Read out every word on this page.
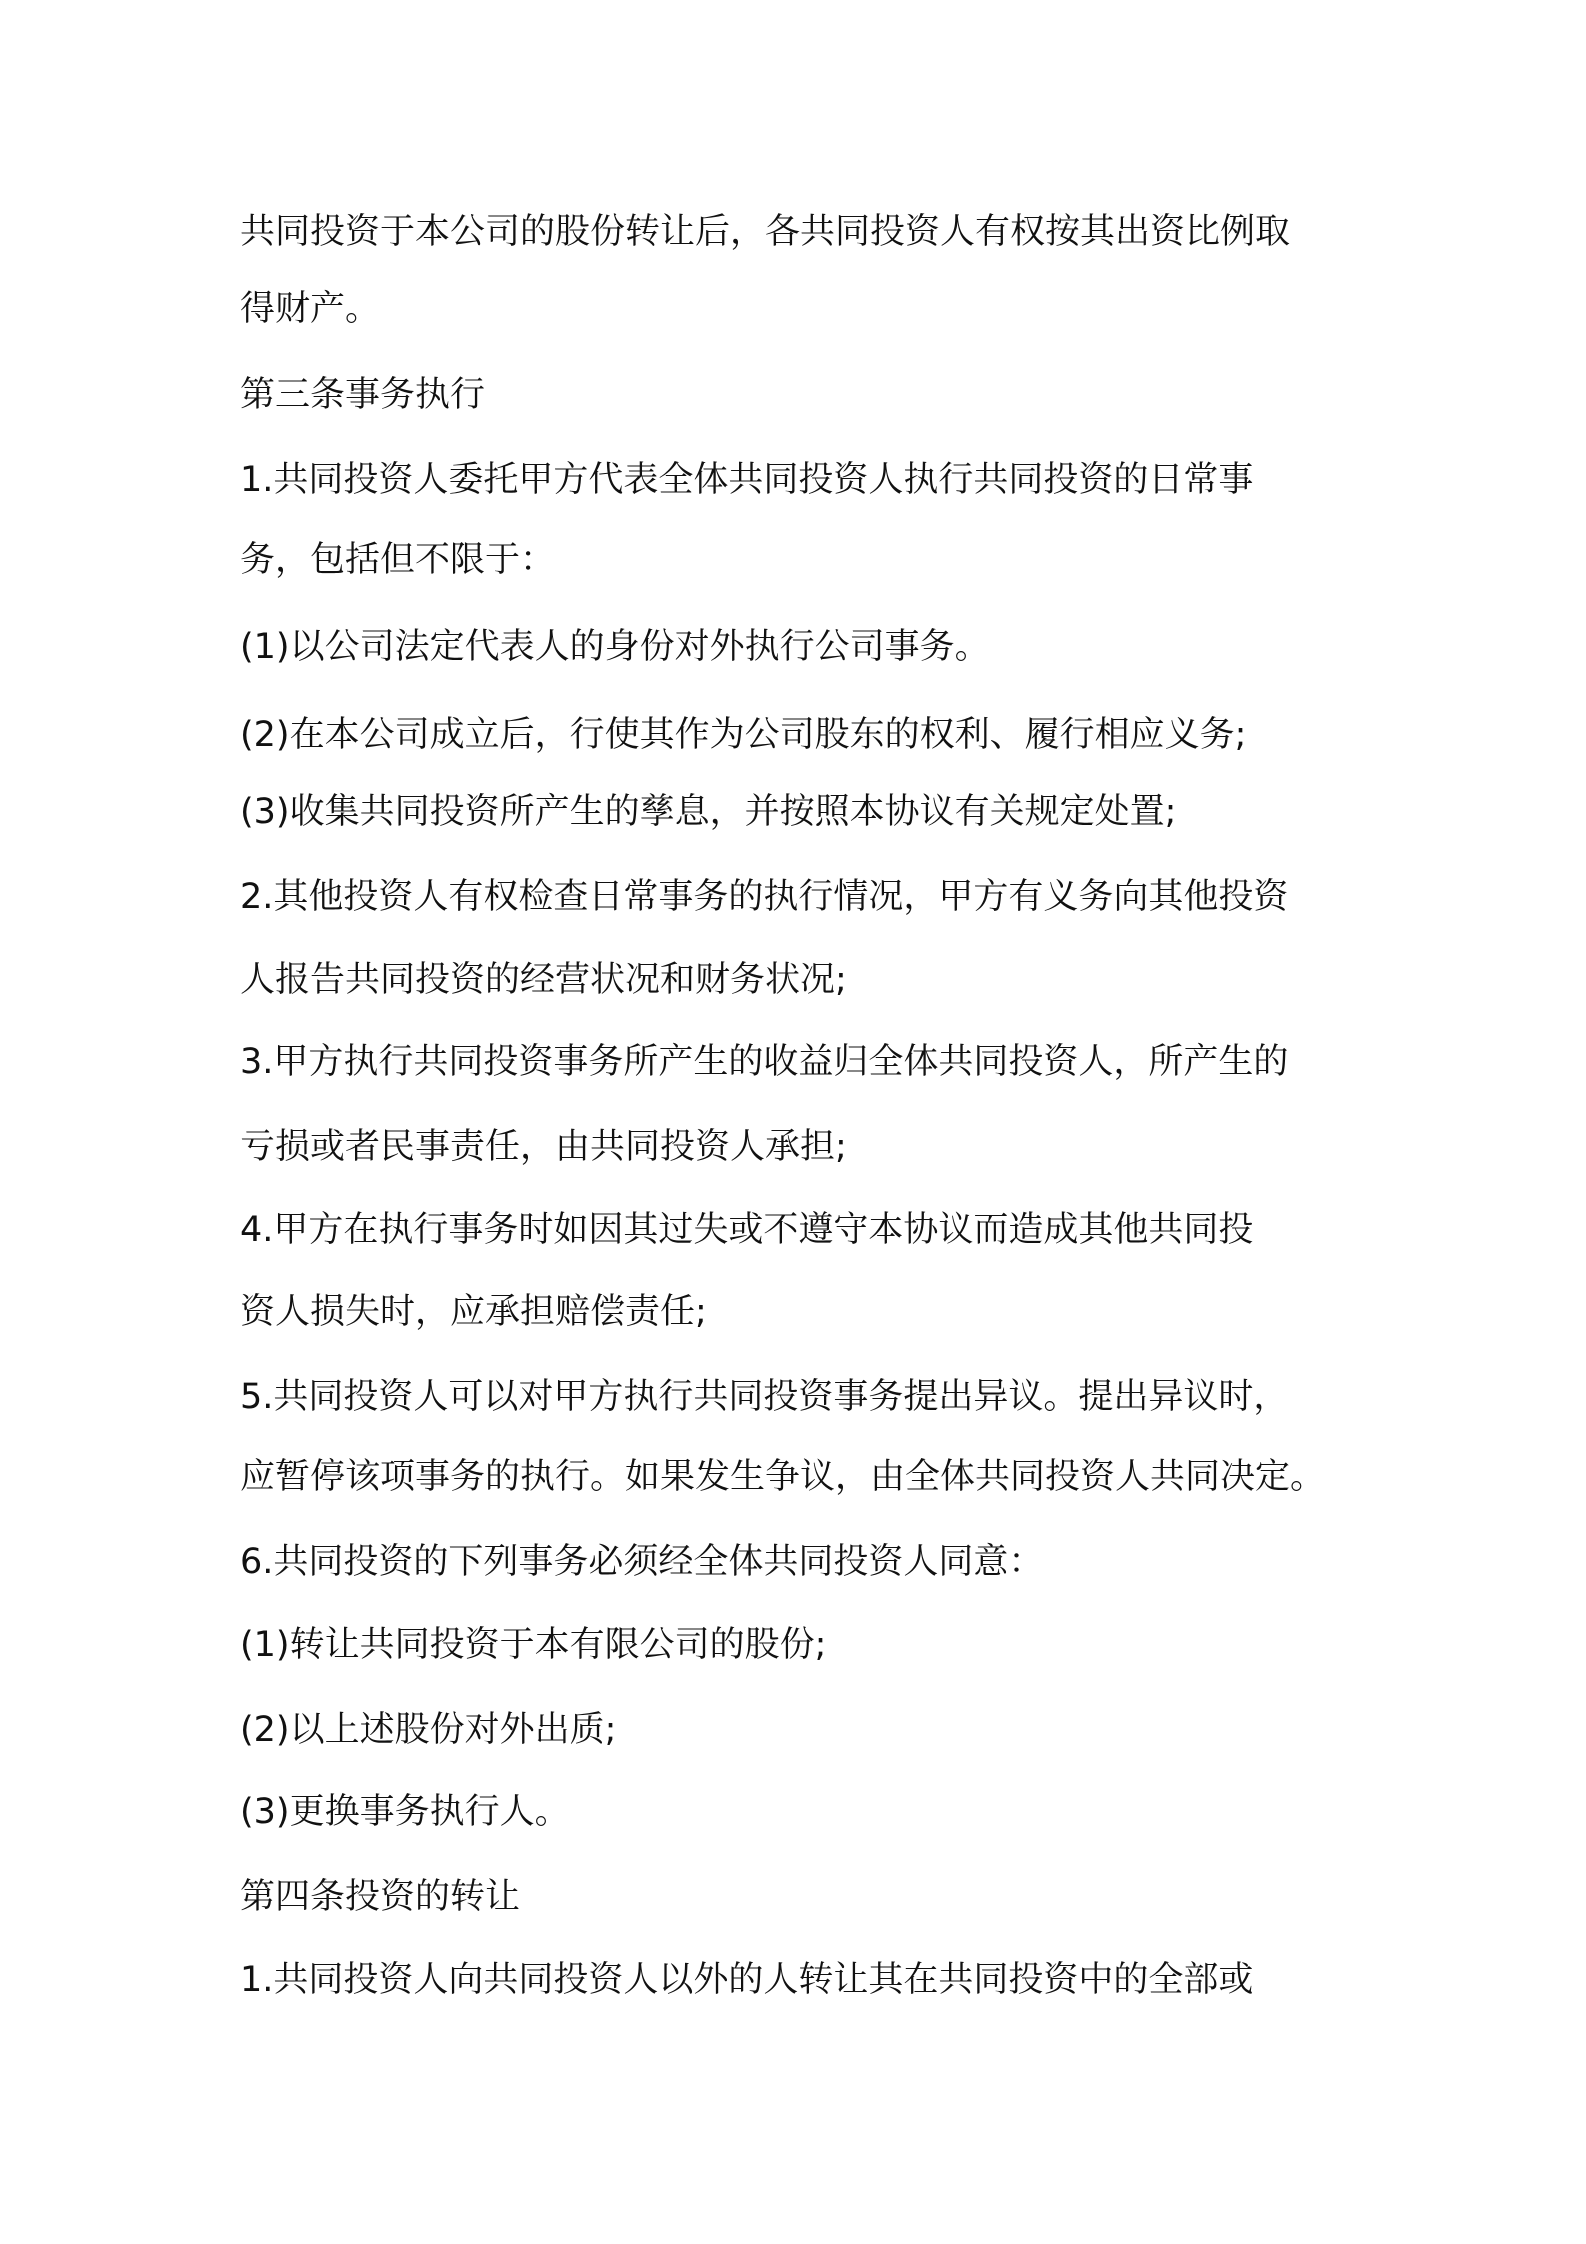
共同投资于本公司的股份转让后，各共同投资人有权按其出资比例取
得财产。
第三条事务执行
1.共同投资人委托甲方代表全体共同投资人执行共同投资的日常事
务，包括但不限于：
(1)以公司法定代表人的身份对外执行公司事务。
(2)在本公司成立后，行使其作为公司股东的权利、履行相应义务;
(3)收集共同投资所产生的孳息，并按照本协议有关规定处置;
2.其他投资人有权检查日常事务的执行情况，甲方有义务向其他投资
人报告共同投资的经营状况和财务状况;
3.甲方执行共同投资事务所产生的收益归全体共同投资人，所产生的
亏损或者民事责任，由共同投资人承担;
4.甲方在执行事务时如因其过失或不遵守本协议而造成其他共同投
资人损失时，应承担赔偿责任;
5.共同投资人可以对甲方执行共同投资事务提出异议。提出异议时，
应暂停该项事务的执行。如果发生争议，由全体共同投资人共同决定。
6.共同投资的下列事务必须经全体共同投资人同意：
(1)转让共同投资于本有限公司的股份;
(2)以上述股份对外出质;
(3)更换事务执行人。
第四条投资的转让
1.共同投资人向共同投资人以外的人转让其在共同投资中的全部或
